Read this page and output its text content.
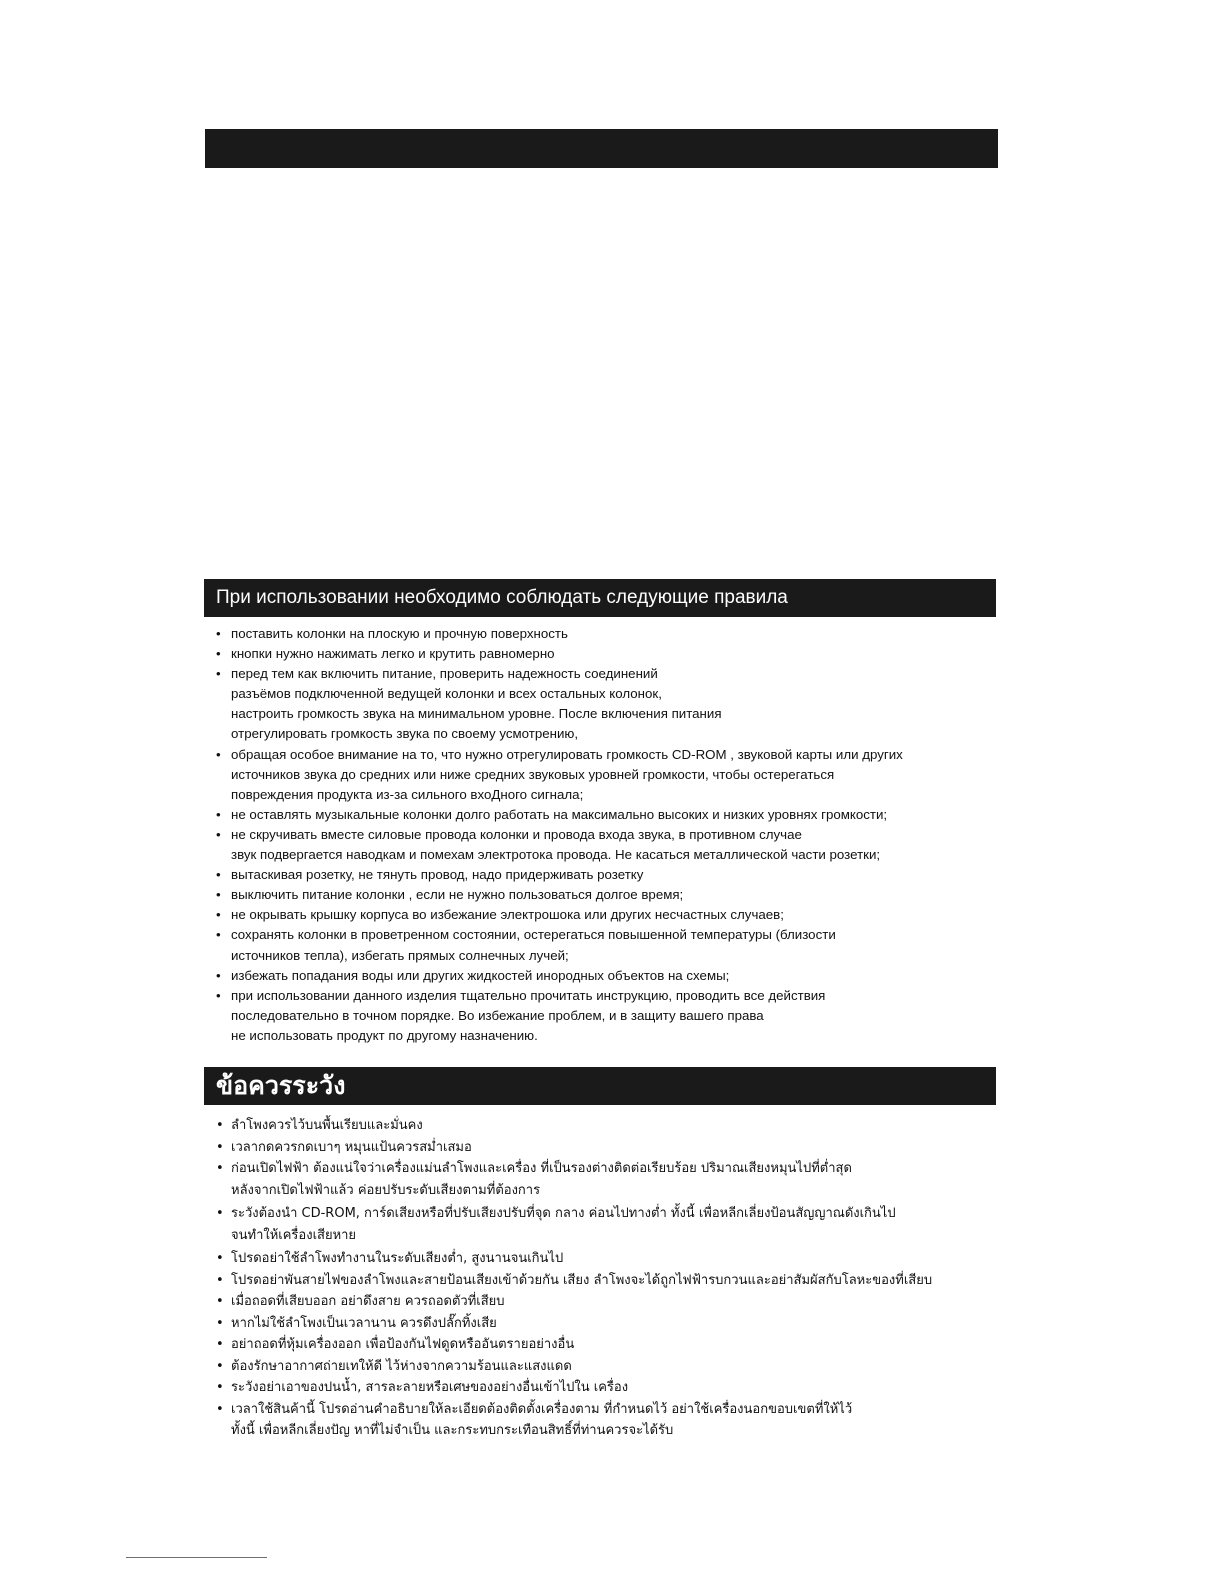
При использовании необходимо соблюдать следующие правила
• поставить колонки на плоскую и прочную поверхность
• кнопки нужно нажимать легко и крутить равномерно
• перед тем как включить питание, проверить надежность соединений
разъёмов подключенной ведущей колонки и всех остальных колонок,
настроить громкость звука на минимальном уровне. После включения питания
отрегулировать громкость звука по своему усмотрению,
• обращая особое внимание на то, что нужно отрегулировать громкость CD-ROM , звуковой карты или других
источников звука до средних или ниже средних звуковых уровней громкости, чтобы остерегаться
повреждения продукта из-за сильного вхоДного сигнала;
• не оставлять музыкальные колонки долго работать на максимально высоких и низких уровнях громкости;
• не скручивать вместе силовые провода колонки и провода входа звука, в противном случае
звук подвергается наводкам и помехам электротока провода. Не касаться металлической части розетки;
• вытаскивая розетку, не тянуть провод, надо придерживать розетку
• выключить питание колонки , если не нужно пользоваться долгое время;
• не окрывать крышку корпуса во избежание электрошока или других несчастных случаев;
• сохранять колонки в проветренном состоянии, остерегаться повышенной температуры (близости
источников тепла), избегать прямых солнечных лучей;
• избежать попадания воды или других жидкостей инородных объектов на схемы;
• при использовании данного изделия тщательно прочитать инструкцию, проводить все действия
последовательно в точном порядке. Во избежание проблем, и в защиту вашего права
не использовать продукт по другому назначению.
ข้อควรระวัง
• ลำโพงควรไว้บนพื้นเรียบและมั่นคง
• เวลากดควรกดเบาๆ หมุนแป้นควรสม่ำเสมอ
• ก่อนเปิดไฟฟ้า ต้องแน่ใจว่าเครื่องแม่นลำโพงและเครื่อง ที่เป็นรองต่างติดต่อเรียบร้อย ปริมาณเสียงหมุนไปที่ต่ำสุด
หลังจากเปิดไฟฟ้าแล้ว ค่อยปรับระดับเสียงตามที่ต้องการ
• ระวังต้องนำ CD-ROM, การ์ดเสียงหรือที่ปรับเสียงปรับที่จุด กลาง ค่อนไปทางต่ำ ทั้งนี้ เพื่อหลีกเลี่ยงป้อนสัญญาณดังเกินไป
จนทำให้เครื่องเสียหาย
• โปรดอย่าใช้ลำโพงทำงานในระดับเสียงต่ำ, สูงนานจนเกินไป
• โปรดอย่าพันสายไฟของลำโพงและสายป้อนเสียงเข้าด้วยกัน เสียง ลำโพงจะได้ถูกไฟฟ้ารบกวนและอย่าสัมผัสกับโลหะของที่เสียบ
• เมื่อถอดที่เสียบออก อย่าดึงสาย ควรถอดตัวที่เสียบ
• หากไม่ใช้ลำโพงเป็นเวลานาน ควรดึงปลั๊กทิ้งเสีย
• อย่าถอดที่หุ้มเครื่องออก เพื่อป้องกันไฟดูดหรืออันตรายอย่างอื่น
• ต้องรักษาอากาศถ่ายเทให้ดี ไว้ห่างจากความร้อนและแสงแดด
• ระวังอย่าเอาของปนน้ำ, สารละลายหรือเศษของอย่างอื่นเข้าไปใน เครื่อง
• เวลาใช้สินค้านี้ โปรดอ่านคำอธิบายให้ละเอียดต้องติดตั้งเครื่องตาม ที่กำหนดไว้ อย่าใช้เครื่องนอกขอบเขตที่ให้ไว้
ทั้งนี้ เพื่อหลีกเลี่ยงปัญ หาที่ไม่จำเป็น และกระทบกระเทือนสิทธิ์ที่ท่านควรจะได้รับ
